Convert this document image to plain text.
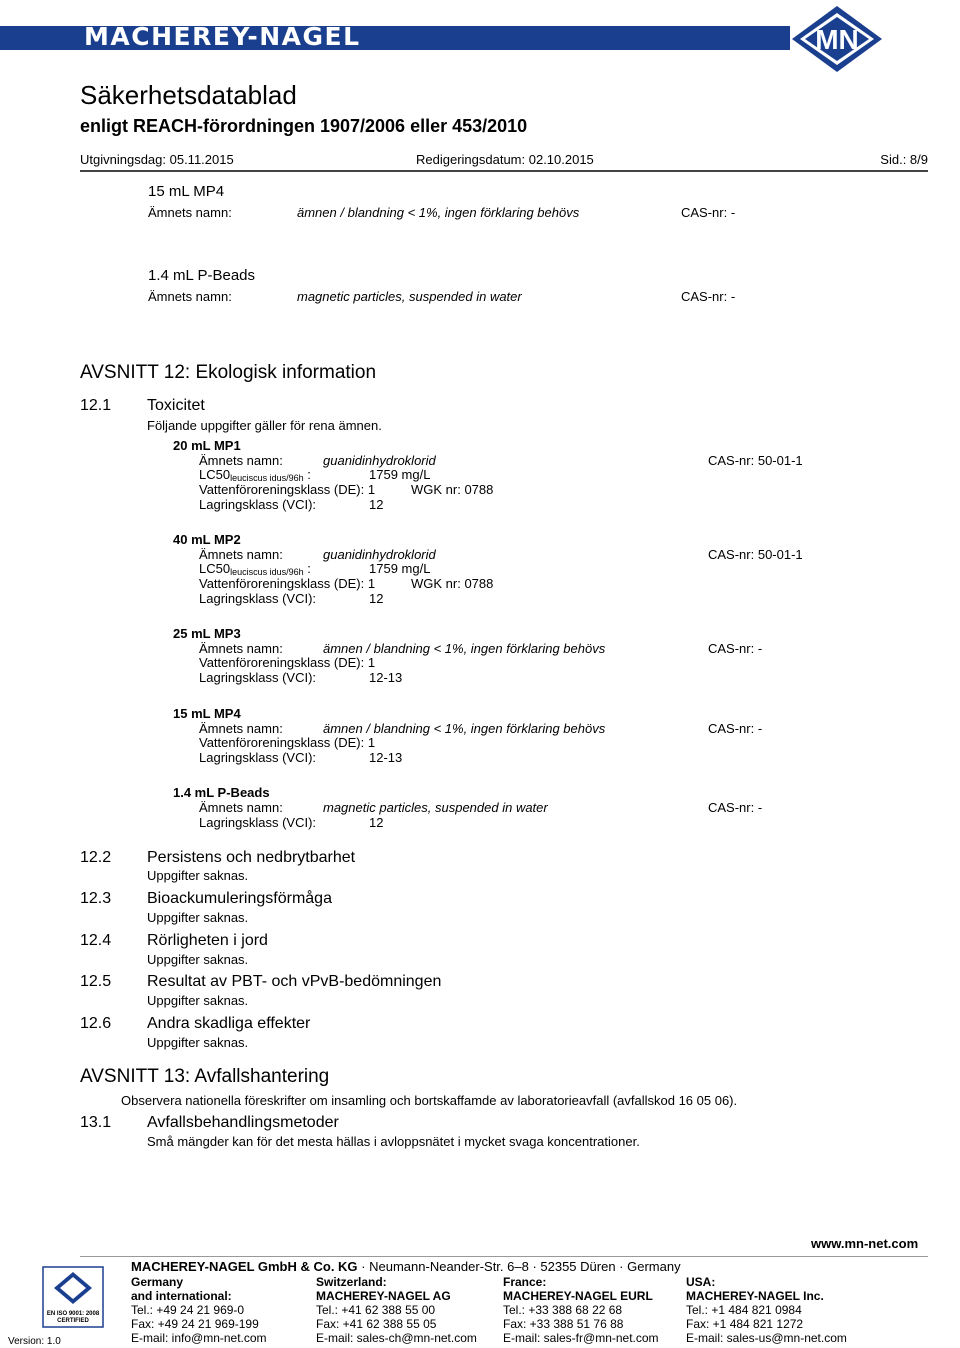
MACHEREY-NAGEL	MN
Säkerhetsdatablad
enligt REACH-förordningen 1907/2006 eller 453/2010
Utgivningsdag: 05.11.2015	Redigeringsdatum: 02.10.2015	Sid.: 8/9
15 mL MP4
Ämnets namn:	ämnen / blandning < 1%, ingen förklaring behövs	CAS-nr: -
1.4 mL P-Beads
Ämnets namn:	magnetic particles, suspended in water	CAS-nr: -
AVSNITT 12: Ekologisk information
12.1 Toxicitet
Följande uppgifter gäller för rena ämnen.
20 mL MP1
Ämnets namn:	guanidinhydroklorid	CAS-nr: 50-01-1
$LC50_{leuciscus idus/96h}$ :	1759 mg/L
Vattenföroreningsklass (DE): 1	WGK nr: 0788
Lagringsklass (VCI):	12
40 mL MP2
Ämnets namn:	guanidinhydroklorid	CAS-nr: 50-01-1
$LC50_{leuciscus idus/96h}$ :	1759 mg/L
Vattenföroreningsklass (DE): 1	WGK nr: 0788
Lagringsklass (VCI):	12
25 mL MP3
Ämnets namn:	ämnen / blandning < 1%, ingen förklaring behövs	CAS-nr: -
Vattenföroreningsklass (DE): 1
Lagringsklass (VCI):	12-13
15 mL MP4
Ämnets namn:	ämnen / blandning < 1%, ingen förklaring behövs	CAS-nr: -
Vattenföroreningsklass (DE): 1
Lagringsklass (VCI):	12-13
1.4 mL P-Beads
Ämnets namn:	magnetic particles, suspended in water	CAS-nr: -
Lagringsklass (VCI):	12
12.2 Persistens och nedbrytbarhet
Uppgifter saknas.
12.3 Bioackumuleringsförmåga
Uppgifter saknas.
12.4 Rörligheten i jord
Uppgifter saknas.
12.5 Resultat av PBT- och vPvB-bedömningen
Uppgifter saknas.
12.6 Andra skadliga effekter
Uppgifter saknas.
AVSNITT 13: Avfallshantering
Observera nationella föreskrifter om insamling och bortskaffamde av laboratorieavfall (avfallskod 16 05 06).
13.1 Avfallsbehandlingsmetoder
Små mängder kan för det mesta hällas i avloppsnätet i mycket svaga koncentrationer.
www.mn-net.com
EN ISO 9001: 2008
CERTIFIED
Version: 1.0
MACHEREY-NAGEL GmbH & Co. KG · Neumann-Neander-Str. 6–8 · 52355 Düren · Germany
Germany
and international:
Tel.: +49 24 21 969-0
Fax: +49 24 21 969-199
E-mail: info@mn-net.com
Switzerland:
MACHEREY-NAGEL AG
Tel.: +41 62 388 55 00
Fax: +41 62 388 55 05
E-mail: sales-ch@mn-net.com
France:
MACHEREY-NAGEL EURL
Tel.: +33 388 68 22 68
Fax: +33 388 51 76 88
E-mail: sales-fr@mn-net.com
USA:
MACHEREY-NAGEL Inc.
Tel.: +1 484 821 0984
Fax: +1 484 821 1272
E-mail: sales-us@mn-net.com
